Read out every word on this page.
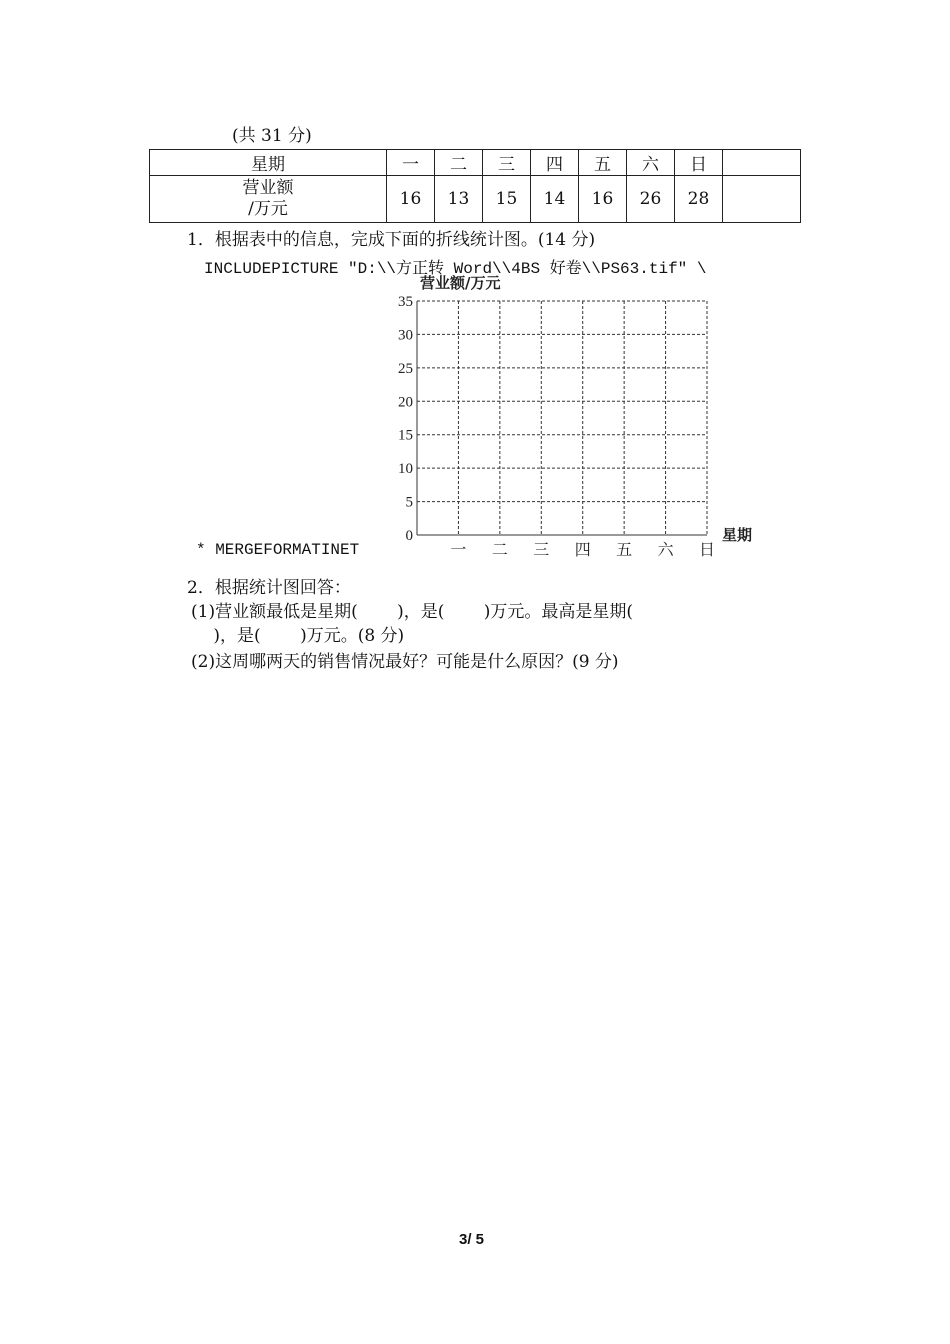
(共 31 分)
星期	一	二	三	四	五	六	日	

营业额
/万元	16	13	15	14	16	26	28	
1．根据表中的信息，完成下面的折线统计图。(14 分)
INCLUDEPICTURE "D:\\方正转 Word\\4BS 好卷\\PS63.tif" \
0
5
10
15
20
25
30
35
一 二 三 四 五 六 日
营业额/万元
星期
* MERGEFORMATINET
2．根据统计图回答：
(1)营业额最低是星期(　　 )，是(　　 )万元。最高是星期(
　 )，是(　　 )万元。(8 分)
(2)这周哪两天的销售情况最好？可能是什么原因？(9 分)
3/ 5
